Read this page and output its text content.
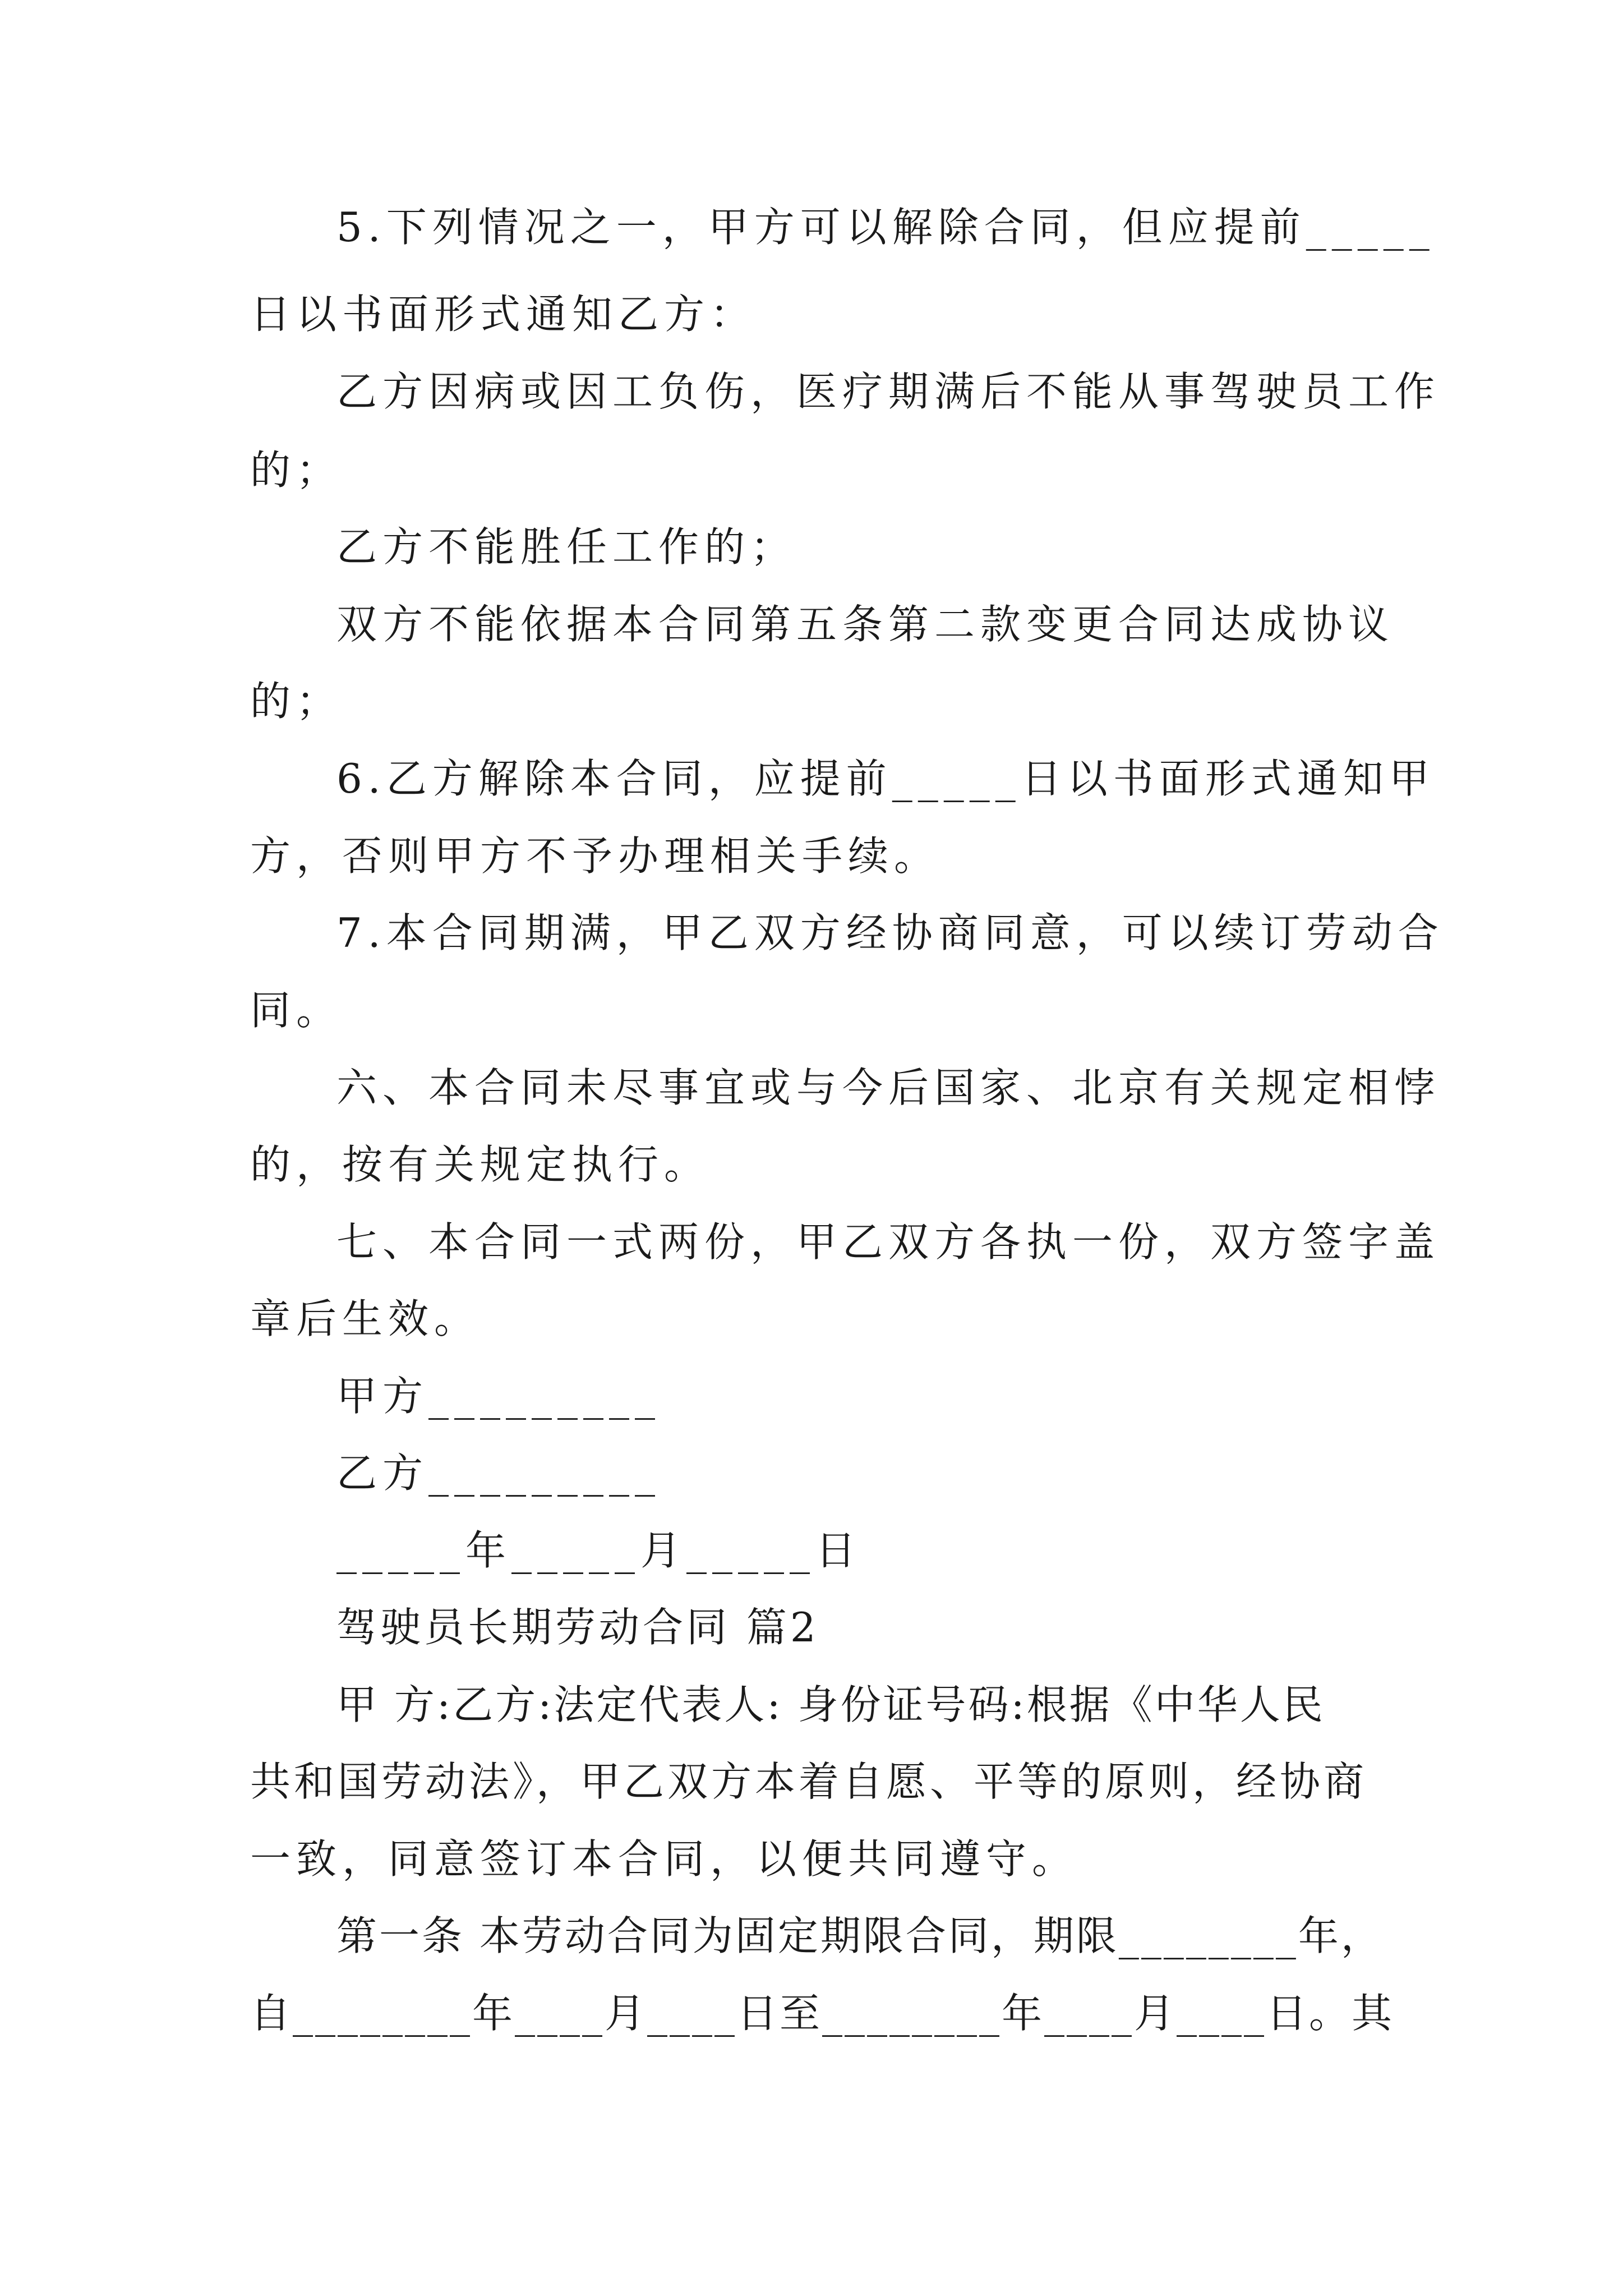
5.下列情况之一，甲方可以解除合同，但应提前_____
日以书面形式通知乙方：
乙方因病或因工负伤，医疗期满后不能从事驾驶员工作
的；
乙方不能胜任工作的；
双方不能依据本合同第五条第二款变更合同达成协议
的；
6.乙方解除本合同，应提前_____日以书面形式通知甲
方，否则甲方不予办理相关手续。
7.本合同期满，甲乙双方经协商同意，可以续订劳动合
同。
六、本合同未尽事宜或与今后国家、北京有关规定相悖
的，按有关规定执行。
七、本合同一式两份，甲乙双方各执一份，双方签字盖
章后生效。
甲方_________
乙方_________
_____年_____月_____日
驾驶员长期劳动合同 篇2
甲 方:乙方:法定代表人: 身份证号码:根据《中华人民
共和国劳动法》，甲乙双方本着自愿、平等的原则，经协商
一致，同意签订本合同，以便共同遵守。
第一条 本劳动合同为固定期限合同，期限________年，
自________年____月____日至________年____月____日。其
